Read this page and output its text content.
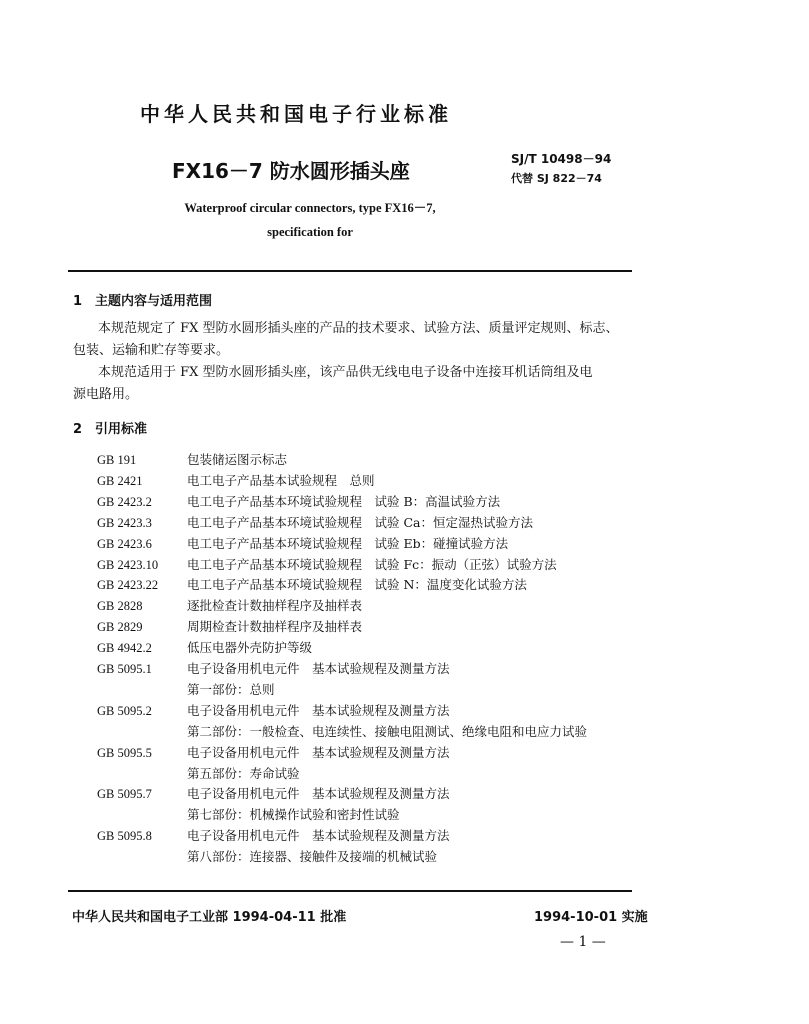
中华人民共和国电子行业标准
FX16－7 防水圆形插头座	SJ/T 10498－94
代替 SJ 822－74
Waterproof circular connectors, type FX16－7,
specification for
1　主题内容与适用范围
本规范规定了 FX 型防水圆形插头座的产品的技术要求、试验方法、质量评定规则、标志、
包装、运输和贮存等要求。
本规范适用于 FX 型防水圆形插头座，该产品供无线电电子设备中连接耳机话筒组及电
源电路用。
2　引用标准
GB 191	包装储运图示标志
GB 2421	电工电子产品基本试验规程　总则
GB 2423.2	电工电子产品基本环境试验规程　试验 B：高温试验方法
GB 2423.3	电工电子产品基本环境试验规程　试验 Ca：恒定湿热试验方法
GB 2423.6	电工电子产品基本环境试验规程　试验 Eb：碰撞试验方法
GB 2423.10	电工电子产品基本环境试验规程　试验 Fc：振动（正弦）试验方法
GB 2423.22	电工电子产品基本环境试验规程　试验 N：温度变化试验方法
GB 2828	逐批检查计数抽样程序及抽样表
GB 2829	周期检查计数抽样程序及抽样表
GB 4942.2	低压电器外壳防护等级
GB 5095.1	电子设备用机电元件　基本试验规程及测量方法
第一部份：总则
GB 5095.2	电子设备用机电元件　基本试验规程及测量方法
第二部份：一般检查、电连续性、接触电阻测试、绝缘电阻和电应力试验
GB 5095.5	电子设备用机电元件　基本试验规程及测量方法
第五部份：寿命试验
GB 5095.7	电子设备用机电元件　基本试验规程及测量方法
第七部份：机械操作试验和密封性试验
GB 5095.8	电子设备用机电元件　基本试验规程及测量方法
第八部份：连接器、接触件及接端的机械试验
中华人民共和国电子工业部 1994-04-11 批准	1994-10-01 实施
— 1 —
